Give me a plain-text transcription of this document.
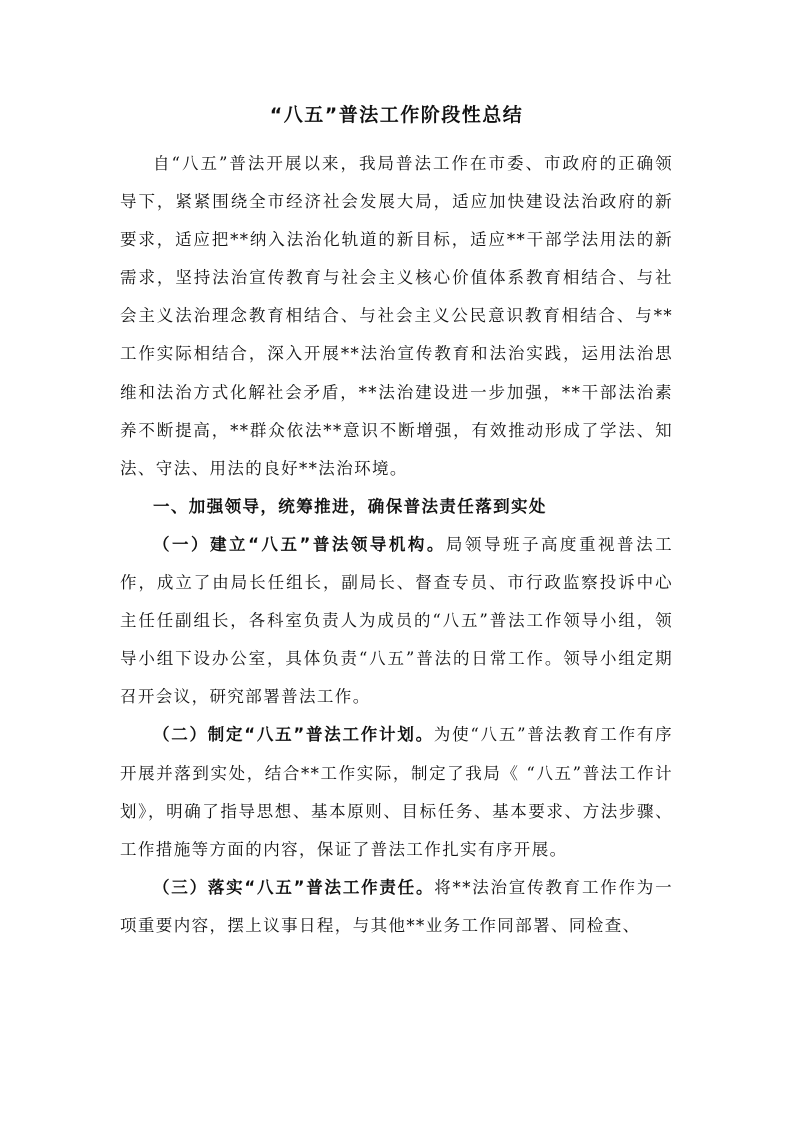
“八五”普法工作阶段性总结

自“八五”普法开展以来，我局普法工作在市委、市政府的正确领导下，紧紧围绕全市经济社会发展大局，适应加快建设法治政府的新要求，适应把**纳入法治化轨道的新目标，适应**干部学法用法的新需求，坚持法治宣传教育与社会主义核心价值体系教育相结合、与社会主义法治理念教育相结合、与社会主义公民意识教育相结合、与**工作实际相结合，深入开展**法治宣传教育和法治实践，运用法治思维和法治方式化解社会矛盾，**法治建设进一步加强，**干部法治素养不断提高，**群众依法**意识不断增强，有效推动形成了学法、知法、守法、用法的良好**法治环境。

一、加强领导，统筹推进，确保普法责任落到实处

（一）建立“八五”普法领导机构。局领导班子高度重视普法工作，成立了由局长任组长，副局长、督查专员、市行政监察投诉中心主任任副组长，各科室负责人为成员的“八五”普法工作领导小组，领导小组下设办公室，具体负责“八五”普法的日常工作。领导小组定期召开会议，研究部署普法工作。

（二）制定“八五”普法工作计划。为使“八五”普法教育工作有序开展并落到实处，结合**工作实际，制定了我局《 “八五”普法工作计划》，明确了指导思想、基本原则、目标任务、基本要求、方法步骤、工作措施等方面的内容，保证了普法工作扎实有序开展。

（三）落实“八五”普法工作责任。将**法治宣传教育工作作为一项重要内容，摆上议事日程，与其他**业务工作同部署、同检查、
